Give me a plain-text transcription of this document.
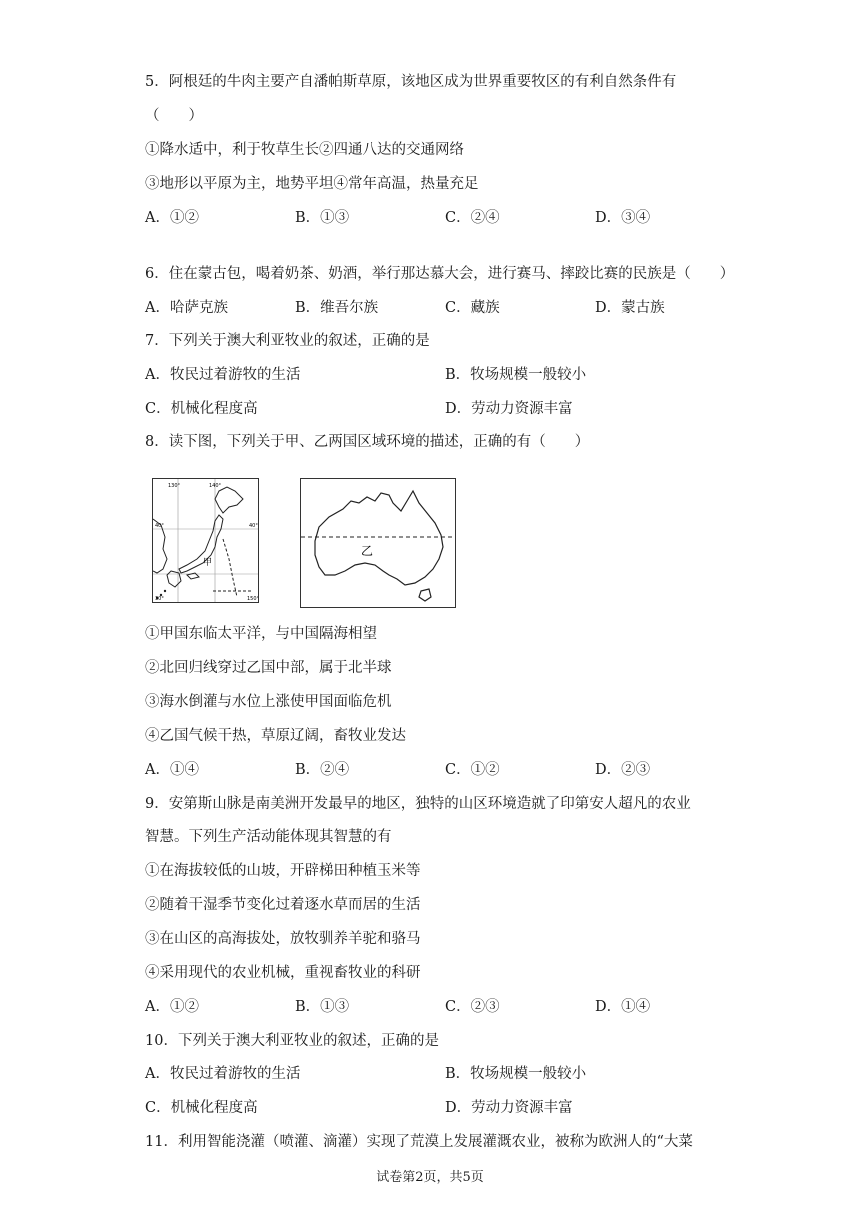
5．阿根廷的牛肉主要产自潘帕斯草原，该地区成为世界重要牧区的有利自然条件有
（　　）
①降水适中，利于牧草生长②四通八达的交通网络
③地形以平原为主，地势平坦④常年高温，热量充足
A．①②	B．①③	C．②④	D．③④
6．住在蒙古包，喝着奶茶、奶酒，举行那达慕大会，进行赛马、摔跤比赛的民族是（　　）
A．哈萨克族	B．维吾尔族	C．藏族	D．蒙古族
7．下列关于澳大利亚牧业的叙述，正确的是
A．牧民过着游牧的生活	B．牧场规模一般较小
C．机械化程度高	D．劳动力资源丰富
8．读下图，下列关于甲、乙两国区域环境的描述，正确的有（　　）
130°	140°
40°	40°
30°	150°
甲
乙
①甲国东临太平洋，与中国隔海相望
②北回归线穿过乙国中部，属于北半球
③海水倒灌与水位上涨使甲国面临危机
④乙国气候干热，草原辽阔，畜牧业发达
A．①④	B．②④	C．①②	D．②③
9．安第斯山脉是南美洲开发最早的地区，独特的山区环境造就了印第安人超凡的农业
智慧。下列生产活动能体现其智慧的有
①在海拔较低的山坡，开辟梯田种植玉米等
②随着干湿季节变化过着逐水草而居的生活
③在山区的高海拔处，放牧驯养羊驼和骆马
④采用现代的农业机械，重视畜牧业的科研
A．①②	B．①③	C．②③	D．①④
10．下列关于澳大利亚牧业的叙述，正确的是
A．牧民过着游牧的生活	B．牧场规模一般较小
C．机械化程度高	D．劳动力资源丰富
11．利用智能浇灌（喷灌、滴灌）实现了荒漠上发展灌溉农业，被称为欧洲人的“大菜
试卷第2页，共5页
